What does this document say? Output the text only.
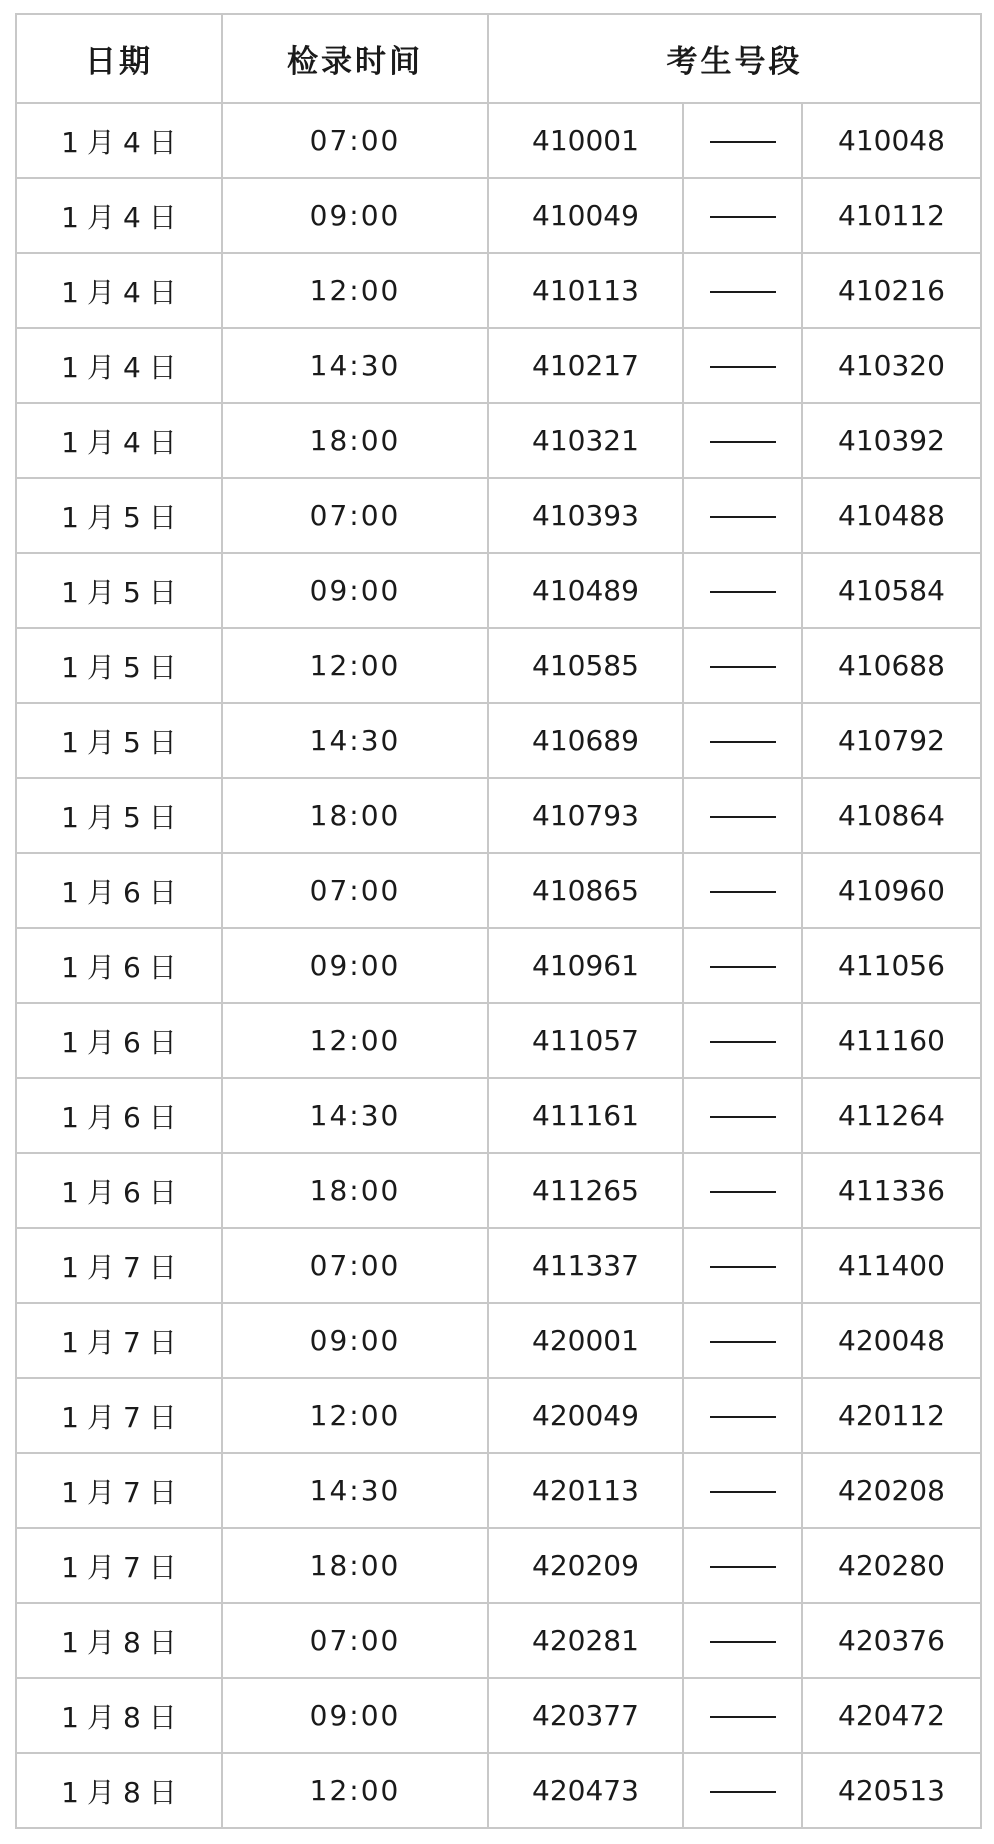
日期	检录时间	考生号段		
1月4日	07:00	410001		410048
1月4日	09:00	410049		410112
1月4日	12:00	410113		410216
1月4日	14:30	410217		410320
1月4日	18:00	410321		410392
1月5日	07:00	410393		410488
1月5日	09:00	410489		410584
1月5日	12:00	410585		410688
1月5日	14:30	410689		410792
1月5日	18:00	410793		410864
1月6日	07:00	410865		410960
1月6日	09:00	410961		411056
1月6日	12:00	411057		411160
1月6日	14:30	411161		411264
1月6日	18:00	411265		411336
1月7日	07:00	411337		411400
1月7日	09:00	420001		420048
1月7日	12:00	420049		420112
1月7日	14:30	420113		420208
1月7日	18:00	420209		420280
1月8日	07:00	420281		420376
1月8日	09:00	420377		420472
1月8日	12:00	420473		420513
